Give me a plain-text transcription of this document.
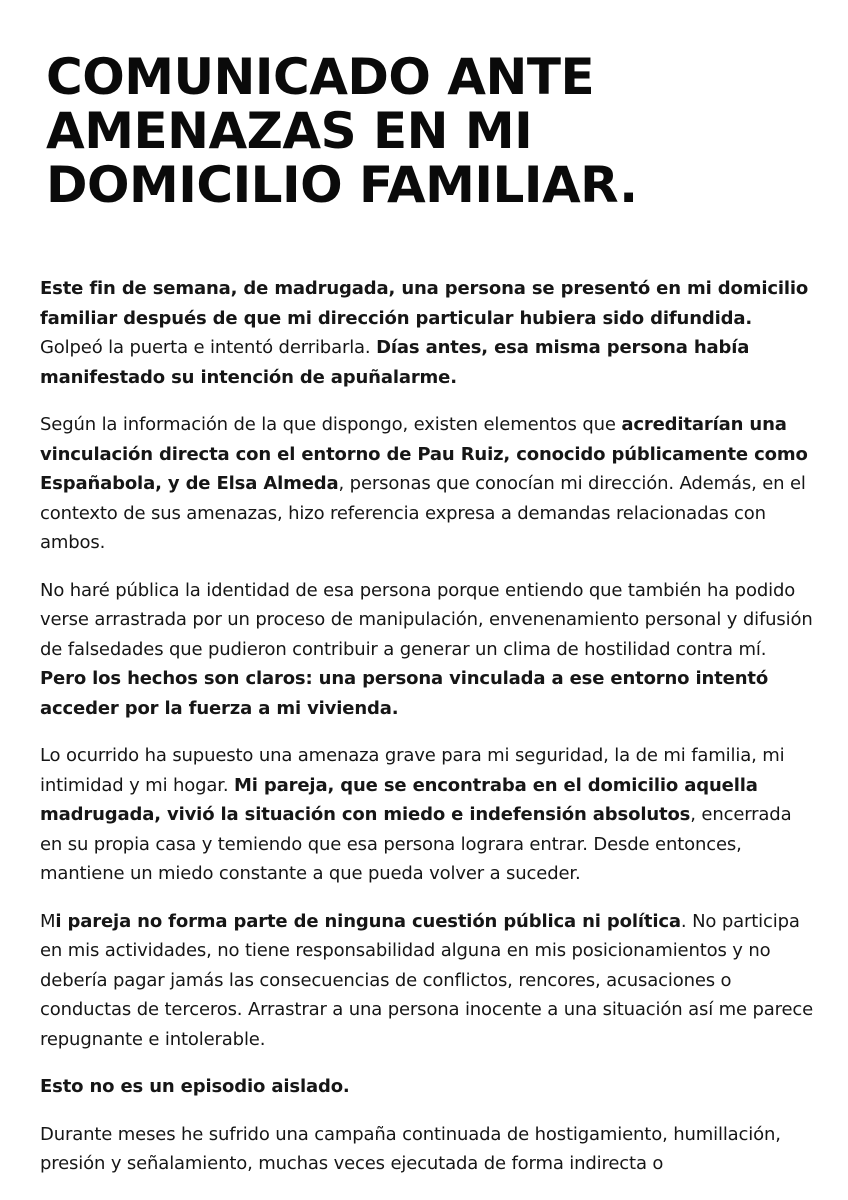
COMUNICADO ANTE
AMENAZAS EN MI
DOMICILIO FAMILIAR.

Este fin de semana, de madrugada, una persona se presentó en mi domicilio familiar después de que mi dirección particular hubiera sido difundida. Golpeó la puerta e intentó derribarla. Días antes, esa misma persona había manifestado su intención de apuñalarme.

Según la información de la que dispongo, existen elementos que acreditarían una vinculación directa con el entorno de Pau Ruiz, conocido públicamente como Españabola, y de Elsa Almeda, personas que conocían mi dirección. Además, en el contexto de sus amenazas, hizo referencia expresa a demandas relacionadas con ambos.

No haré pública la identidad de esa persona porque entiendo que también ha podido verse arrastrada por un proceso de manipulación, envenenamiento personal y difusión de falsedades que pudieron contribuir a generar un clima de hostilidad contra mí. Pero los hechos son claros: una persona vinculada a ese entorno intentó acceder por la fuerza a mi vivienda.

Lo ocurrido ha supuesto una amenaza grave para mi seguridad, la de mi familia, mi intimidad y mi hogar. Mi pareja, que se encontraba en el domicilio aquella madrugada, vivió la situación con miedo e indefensión absolutos, encerrada en su propia casa y temiendo que esa persona lograra entrar. Desde entonces, mantiene un miedo constante a que pueda volver a suceder.

Mi pareja no forma parte de ninguna cuestión pública ni política. No participa en mis actividades, no tiene responsabilidad alguna en mis posicionamientos y no debería pagar jamás las consecuencias de conflictos, rencores, acusaciones o conductas de terceros. Arrastrar a una persona inocente a una situación así me parece repugnante e intolerable.

Esto no es un episodio aislado.

Durante meses he sufrido una campaña continuada de hostigamiento, humillación, presión y señalamiento, muchas veces ejecutada de forma indirecta o
